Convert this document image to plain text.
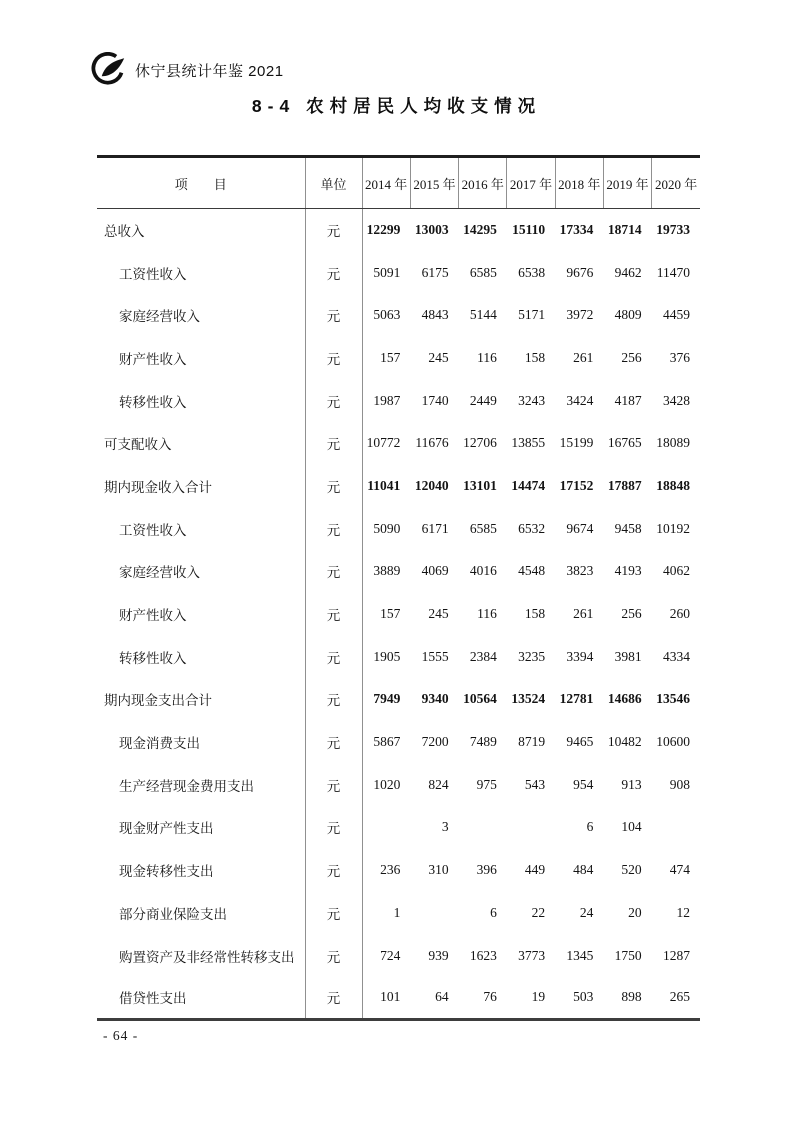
休宁县统计年鉴 2021
8-4 农村居民人均收支情况
项　　目	单位	2014 年	2015 年	2016 年	2017 年	2018 年	2019 年	2020 年
总收入	元	12299	13003	14295	15110	17334	18714	19733
工资性收入	元	5091	6175	6585	6538	9676	9462	11470
家庭经营收入	元	5063	4843	5144	5171	3972	4809	4459
财产性收入	元	157	245	116	158	261	256	376
转移性收入	元	1987	1740	2449	3243	3424	4187	3428
可支配收入	元	10772	11676	12706	13855	15199	16765	18089
期内现金收入合计	元	11041	12040	13101	14474	17152	17887	18848
工资性收入	元	5090	6171	6585	6532	9674	9458	10192
家庭经营收入	元	3889	4069	4016	4548	3823	4193	4062
财产性收入	元	157	245	116	158	261	256	260
转移性收入	元	1905	1555	2384	3235	3394	3981	4334
期内现金支出合计	元	7949	9340	10564	13524	12781	14686	13546
现金消费支出	元	5867	7200	7489	8719	9465	10482	10600
生产经营现金费用支出	元	1020	824	975	543	954	913	908
现金财产性支出	元		3			6	104	
现金转移性支出	元	236	310	396	449	484	520	474
部分商业保险支出	元	1		6	22	24	20	12
购置资产及非经常性转移支出	元	724	939	1623	3773	1345	1750	1287
借贷性支出	元	101	64	76	19	503	898	265
- 64 -
